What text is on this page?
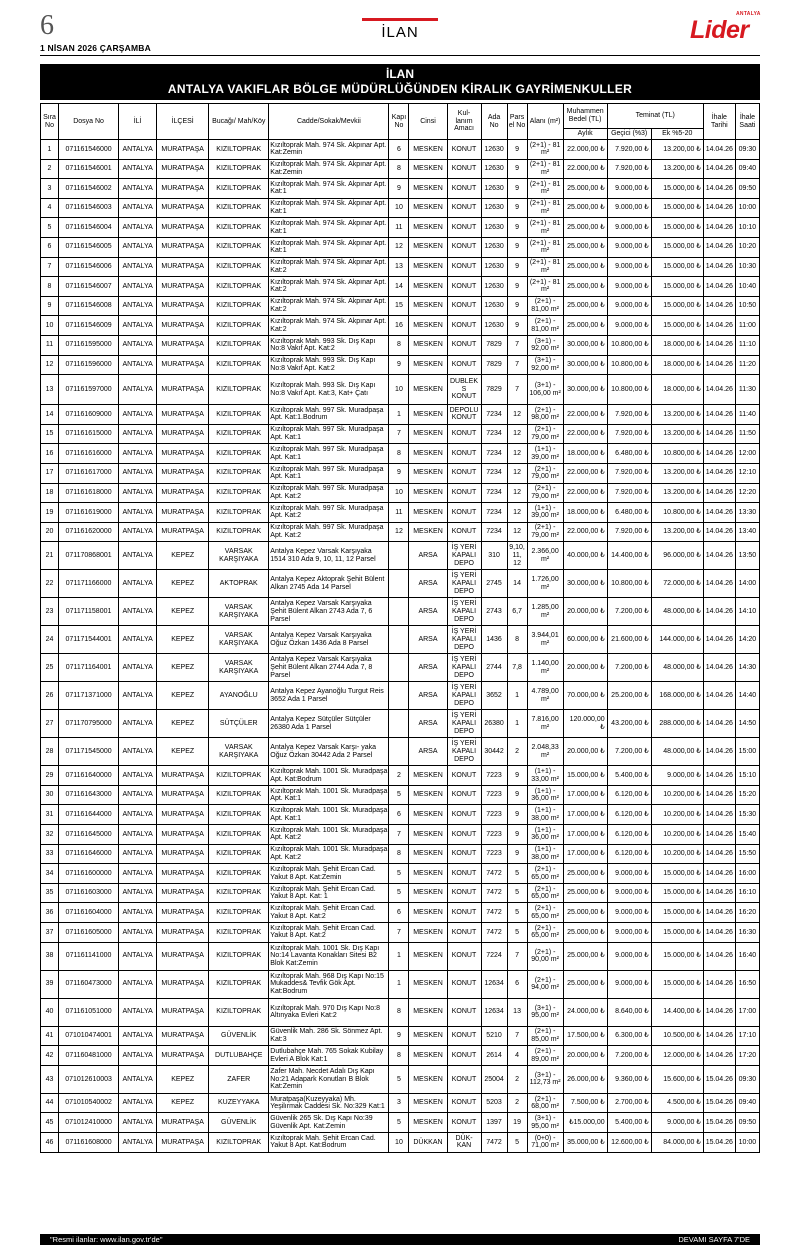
6
1 NİSAN 2026 ÇARŞAMBA
İLAN
ANTALYA
Lider
İLAN
ANTALYA VAKIFLAR BÖLGE MÜDÜRLÜĞÜNDEN KİRALIK GAYRİMENKULLER
Sıra No	Dosya No	İLİ	İLÇESİ	Bucağı/ Mah/Köy	Cadde/Sokak/Mevkii	Kapı No	Cinsi	Kul- lanım Amacı	Ada No	Parsel No	Alanı (m²)	Muhammen Bedel (TL)	Teminat (TL)		İhale Tarihi	İhale Saati
												Aylık	Geçici (%3)	Ek %5-20		
1	071161546000	ANTALYA	MURATPAŞA	KIZILTOPRAK	Kızıltoprak Mah. 974 Sk. Akpınar Apt. Kat:Zemin	6	MESKEN	KONUT	12630	9	(2+1) - 81 m²	22.000,00 ₺	7.920,00 ₺	13.200,00 ₺	14.04.26	09:30
2	071161546001	ANTALYA	MURATPAŞA	KIZILTOPRAK	Kızıltoprak Mah. 974 Sk. Akpınar Apt. Kat:Zemin	8	MESKEN	KONUT	12630	9	(2+1) - 81 m²	22.000,00 ₺	7.920,00 ₺	13.200,00 ₺	14.04.26	09:40
3	071161546002	ANTALYA	MURATPAŞA	KIZILTOPRAK	Kızıltoprak Mah. 974 Sk. Akpınar Apt. Kat:1	9	MESKEN	KONUT	12630	9	(2+1) - 81 m²	25.000,00 ₺	9.000,00 ₺	15.000,00 ₺	14.04.26	09:50
4	071161546003	ANTALYA	MURATPAŞA	KIZILTOPRAK	Kızıltoprak Mah. 974 Sk. Akpınar Apt. Kat:1	10	MESKEN	KONUT	12630	9	(2+1) - 81 m²	25.000,00 ₺	9.000,00 ₺	15.000,00 ₺	14.04.26	10:00
5	071161546004	ANTALYA	MURATPAŞA	KIZILTOPRAK	Kızıltoprak Mah. 974 Sk. Akpınar Apt. Kat:1	11	MESKEN	KONUT	12630	9	(2+1) - 81 m²	25.000,00 ₺	9.000,00 ₺	15.000,00 ₺	14.04.26	10:10
6	071161546005	ANTALYA	MURATPAŞA	KIZILTOPRAK	Kızıltoprak Mah. 974 Sk. Akpınar Apt. Kat:1	12	MESKEN	KONUT	12630	9	(2+1) - 81 m²	25.000,00 ₺	9.000,00 ₺	15.000,00 ₺	14.04.26	10:20
7	071161546006	ANTALYA	MURATPAŞA	KIZILTOPRAK	Kızıltoprak Mah. 974 Sk. Akpınar Apt. Kat:2	13	MESKEN	KONUT	12630	9	(2+1) - 81 m²	25.000,00 ₺	9.000,00 ₺	15.000,00 ₺	14.04.26	10:30
8	071161546007	ANTALYA	MURATPAŞA	KIZILTOPRAK	Kızıltoprak Mah. 974 Sk. Akpınar Apt. Kat:2	14	MESKEN	KONUT	12630	9	(2+1) - 81 m²	25.000,00 ₺	9.000,00 ₺	15.000,00 ₺	14.04.26	10:40
9	071161546008	ANTALYA	MURATPAŞA	KIZILTOPRAK	Kızıltoprak Mah. 974 Sk. Akpınar Apt. Kat:2	15	MESKEN	KONUT	12630	9	(2+1) - 81,00 m²	25.000,00 ₺	9.000,00 ₺	15.000,00 ₺	14.04.26	10:50
10	071161546009	ANTALYA	MURATPAŞA	KIZILTOPRAK	Kızıltoprak Mah. 974 Sk. Akpınar Apt. Kat:2	16	MESKEN	KONUT	12630	9	(2+1) - 81,00 m²	25.000,00 ₺	9.000,00 ₺	15.000,00 ₺	14.04.26	11:00
11	071161595000	ANTALYA	MURATPAŞA	KIZILTOPRAK	Kızıltoprak Mah. 993 Sk. Dış Kapı No:8 Vakıf Apt. Kat:2	8	MESKEN	KONUT	7829	7	(3+1) - 92,00 m²	30.000,00 ₺	10.800,00 ₺	18.000,00 ₺	14.04.26	11:10
12	071161596000	ANTALYA	MURATPAŞA	KIZILTOPRAK	Kızıltoprak Mah. 993 Sk. Dış Kapı No:8 Vakıf Apt. Kat:2	9	MESKEN	KONUT	7829	7	(3+1) - 92,00 m²	30.000,00 ₺	10.800,00 ₺	18.000,00 ₺	14.04.26	11:20
13	071161597000	ANTALYA	MURATPAŞA	KIZILTOPRAK	Kızıltoprak Mah. 993 Sk. Dış Kapı No:8 Vakıf Apt. Kat:3, Kat+ Çatı	10	MESKEN	DUBLEKS KONUT	7829	7	(3+1) - 106,00 m²	30.000,00 ₺	10.800,00 ₺	18.000,00 ₺	14.04.26	11:30
14	071161609000	ANTALYA	MURATPAŞA	KIZILTOPRAK	Kızıltoprak Mah. 997 Sk. Muradpaşa Apt. Kat:1.Bodrum	1	MESKEN	DEPOLU KONUT	7234	12	(2+1) - 98,00 m²	22.000,00 ₺	7.920,00 ₺	13.200,00 ₺	14.04.26	11:40
15	071161615000	ANTALYA	MURATPAŞA	KIZILTOPRAK	Kızıltoprak Mah. 997 Sk. Muradpaşa Apt. Kat:1	7	MESKEN	KONUT	7234	12	(2+1) - 79,00 m²	22.000,00 ₺	7.920,00 ₺	13.200,00 ₺	14.04.26	11:50
16	071161616000	ANTALYA	MURATPAŞA	KIZILTOPRAK	Kızıltoprak Mah. 997 Sk. Muradpaşa Apt. Kat:1	8	MESKEN	KONUT	7234	12	(1+1) - 39,00 m²	18.000,00 ₺	6.480,00 ₺	10.800,00 ₺	14.04.26	12:00
17	071161617000	ANTALYA	MURATPAŞA	KIZILTOPRAK	Kızıltoprak Mah. 997 Sk. Muradpaşa Apt. Kat:1	9	MESKEN	KONUT	7234	12	(2+1) - 79,00 m²	22.000,00 ₺	7.920,00 ₺	13.200,00 ₺	14.04.26	12:10
18	071161618000	ANTALYA	MURATPAŞA	KIZILTOPRAK	Kızıltoprak Mah. 997 Sk. Muradpaşa Apt. Kat:2	10	MESKEN	KONUT	7234	12	(2+1) - 79,00 m²	22.000,00 ₺	7.920,00 ₺	13.200,00 ₺	14.04.26	12:20
19	071161619000	ANTALYA	MURATPAŞA	KIZILTOPRAK	Kızıltoprak Mah. 997 Sk. Muradpaşa Apt. Kat:2	11	MESKEN	KONUT	7234	12	(1+1) - 39,00 m²	18.000,00 ₺	6.480,00 ₺	10.800,00 ₺	14.04.26	13:30
20	071161620000	ANTALYA	MURATPAŞA	KIZILTOPRAK	Kızıltoprak Mah. 997 Sk. Muradpaşa Apt. Kat:2	12	MESKEN	KONUT	7234	12	(2+1) - 79,00 m²	22.000,00 ₺	7.920,00 ₺	13.200,00 ₺	14.04.26	13:40
21	071170868001	ANTALYA	KEPEZ	VARSAK KARŞIYAKA	Antalya Kepez Varsak Karşıyaka 1514 310 Ada 9, 10, 11, 12 Parsel		ARSA	İŞ YERİ KAPALI DEPO	310	9,10, 11, 12	2.366,00 m²	40.000,00 ₺	14.400,00 ₺	96.000,00 ₺	14.04.26	13:50
22	071171166000	ANTALYA	KEPEZ	AKTOPRAK	Antalya Kepez Aktoprak Şehit Bülent Alkan 2745 Ada 14 Parsel		ARSA	İŞ YERİ KAPALI DEPO	2745	14	1.726,00 m²	30.000,00 ₺	10.800,00 ₺	72.000,00 ₺	14.04.26	14:00
23	071171158001	ANTALYA	KEPEZ	VARSAK KARŞIYAKA	Antalya Kepez Varsak Karşıyaka Şehit Bülent Alkan 2743 Ada 7, 6 Parsel		ARSA	İŞ YERİ KAPALI DEPO	2743	6,7	1.285,00 m²	20.000,00 ₺	7.200,00 ₺	48.000,00 ₺	14.04.26	14:10
24	071171544001	ANTALYA	KEPEZ	VARSAK KARŞIYAKA	Antalya Kepez Varsak Karşıyaka Oğuz Özkan 1436 Ada 8 Parsel		ARSA	İŞ YERİ KAPALI DEPO	1436	8	3.944,01 m²	60.000,00 ₺	21.600,00 ₺	144.000,00 ₺	14.04.26	14:20
25	071171164001	ANTALYA	KEPEZ	VARSAK KARŞIYAKA	Antalya Kepez Varsak Karşıyaka Şehit Bülent Alkan 2744 Ada 7, 8 Parsel		ARSA	İŞ YERİ KAPALI DEPO	2744	7,8	1.140,00 m²	20.000,00 ₺	7.200,00 ₺	48.000,00 ₺	14.04.26	14:30
26	071171371000	ANTALYA	KEPEZ	AYANOĞLU	Antalya Kepez Ayanoğlu Turgut Reis 3652 Ada 1 Parsel		ARSA	İŞ YERİ KAPALI DEPO	3652	1	4.789,00 m²	70.000,00 ₺	25.200,00 ₺	168.000,00 ₺	14.04.26	14:40
27	071170795000	ANTALYA	KEPEZ	SÜTÇÜLER	Antalya Kepez Sütçüler Sütçüler 26380 Ada 1 Parsel		ARSA	İŞ YERİ KAPALI DEPO	26380	1	7.816,00 m²	120.000,00 ₺	43.200,00 ₺	288.000,00 ₺	14.04.26	14:50
28	071171545000	ANTALYA	KEPEZ	VARSAK KARŞIYAKA	Antalya Kepez Varsak Karşı- yaka Oğuz Özkan 30442 Ada 2 Parsel		ARSA	İŞ YERİ KAPALI DEPO	30442	2	2.048,33 m²	20.000,00 ₺	7.200,00 ₺	48.000,00 ₺	14.04.26	15:00
29	071161640000	ANTALYA	MURATPAŞA	KIZILTOPRAK	Kızıltoprak Mah. 1001 Sk. Muradpaşa Apt. Kat:Bodrum	2	MESKEN	KONUT	7223	9	(1+1) - 33,00 m²	15.000,00 ₺	5.400,00 ₺	9.000,00 ₺	14.04.26	15:10
30	071161643000	ANTALYA	MURATPAŞA	KIZILTOPRAK	Kızıltoprak Mah. 1001 Sk. Muradpaşa Apt. Kat:1	5	MESKEN	KONUT	7223	9	(1+1) - 36,00 m²	17.000,00 ₺	6.120,00 ₺	10.200,00 ₺	14.04.26	15:20
31	071161644000	ANTALYA	MURATPAŞA	KIZILTOPRAK	Kızıltoprak Mah. 1001 Sk. Muradpaşa Apt. Kat:1	6	MESKEN	KONUT	7223	9	(1+1) - 38,00 m²	17.000,00 ₺	6.120,00 ₺	10.200,00 ₺	14.04.26	15:30
32	071161645000	ANTALYA	MURATPAŞA	KIZILTOPRAK	Kızıltoprak Mah. 1001 Sk. Muradpaşa Apt. Kat:2	7	MESKEN	KONUT	7223	9	(1+1) - 36,00 m²	17.000,00 ₺	6.120,00 ₺	10.200,00 ₺	14.04.26	15:40
33	071161646000	ANTALYA	MURATPAŞA	KIZILTOPRAK	Kızıltoprak Mah. 1001 Sk. Muradpaşa Apt. Kat:2	8	MESKEN	KONUT	7223	9	(1+1) - 38,00 m²	17.000,00 ₺	6.120,00 ₺	10.200,00 ₺	14.04.26	15:50
34	071161600000	ANTALYA	MURATPAŞA	KIZILTOPRAK	Kızıltoprak Mah. Şehit Ercan Cad. Yakut 8 Apt. Kat:Zemin	5	MESKEN	KONUT	7472	5	(2+1) - 65,00 m²	25.000,00 ₺	9.000,00 ₺	15.000,00 ₺	14.04.26	16:00
35	071161603000	ANTALYA	MURATPAŞA	KIZILTOPRAK	Kızıltoprak Mah. Şehit Ercan Cad. Yakut 8 Apt. Kat: 1	5	MESKEN	KONUT	7472	5	(2+1) - 65,00 m²	25.000,00 ₺	9.000,00 ₺	15.000,00 ₺	14.04.26	16:10
36	071161604000	ANTALYA	MURATPAŞA	KIZILTOPRAK	Kızıltoprak Mah. Şehit Ercan Cad. Yakut 8 Apt. Kat:2	6	MESKEN	KONUT	7472	5	(2+1) - 65,00 m²	25.000,00 ₺	9.000,00 ₺	15.000,00 ₺	14.04.26	16:20
37	071161605000	ANTALYA	MURATPAŞA	KIZILTOPRAK	Kızıltoprak Mah. Şehit Ercan Cad. Yakut 8 Apt. Kat:2	7	MESKEN	KONUT	7472	5	(2+1) - 65,00 m²	25.000,00 ₺	9.000,00 ₺	15.000,00 ₺	14.04.26	16:30
38	071161141000	ANTALYA	MURATPAŞA	KIZILTOPRAK	Kızıltoprak Mah. 1001 Sk. Dış Kapı No:14 Lavanta Konakları Sitesi B2 Blok Kat:Zemin	1	MESKEN	KONUT	7224	7	(2+1) - 90,00 m²	25.000,00 ₺	9.000,00 ₺	15.000,00 ₺	14.04.26	16:40
39	071160473000	ANTALYA	MURATPAŞA	KIZILTOPRAK	Kızıltoprak Mah. 968 Dış Kapı No:15 Mukaddes& Tevfik Gök Apt. Kat:Bodrum	1	MESKEN	KONUT	12634	6	(2+1) - 94,00 m²	25.000,00 ₺	9.000,00 ₺	15.000,00 ₺	14.04.26	16:50
40	071161051000	ANTALYA	MURATPAŞA	KIZILTOPRAK	Kızıltoprak Mah. 970 Dış Kapı No:8 Altınyaka Evleri Kat:2	8	MESKEN	KONUT	12634	13	(3+1) - 95,00 m²	24.000,00 ₺	8.640,00 ₺	14.400,00 ₺	14.04.26	17:00
41	071010474001	ANTALYA	MURATPAŞA	GÜVENLİK	Güvenlik Mah. 286 Sk. Sönmez Apt. Kat:3	9	MESKEN	KONUT	5210	7	(2+1) - 85,00 m²	17.500,00 ₺	6.300,00 ₺	10.500,00 ₺	14.04.26	17:10
42	071160481000	ANTALYA	MURATPAŞA	DUTLUBAHÇE	Dutlubahçe Mah. 765 Sokak Kubilay Evleri A Blok Kat:1	8	MESKEN	KONUT	2614	4	(2+1) - 89,00 m²	20.000,00 ₺	7.200,00 ₺	12.000,00 ₺	14.04.26	17:20
43	071012610003	ANTALYA	KEPEZ	ZAFER	Zafer Mah. Necdet Adalı Dış Kapı No:21 Adapark Konutları B Blok Kat:Zemin	5	MESKEN	KONUT	25004	2	(3+1) - 112,73 m²	26.000,00 ₺	9.360,00 ₺	15.600,00 ₺	15.04.26	09:30
44	071010540002	ANTALYA	KEPEZ	KUZEYYAKA	Muratpaşa(Kuzeyyaka) Mh. Yeşilırmak Caddesi Sk. No:329 Kat:1	3	MESKEN	KONUT	5203	2	(2+1) - 68,00 m²	7.500,00 ₺	2.700,00 ₺	4.500,00 ₺	15.04.26	09:40
45	071012410000	ANTALYA	MURATPAŞA	GÜVENLİK	Güvenlik 265 Sk. Dış Kapı No:39 Güvenlik Apt. Kat:Zemin	5	MESKEN	KONUT	1397	19	(3+1) - 95,00 m²	₺15.000,00	5.400,00 ₺	9.000,00 ₺	15.04.26	09:50
46	071161608000	ANTALYA	MURATPAŞA	KIZILTOPRAK	Kızıltoprak Mah. Şehit Ercan Cad. Yakut 8 Apt. Kat:Bodrum	10	DÜKKAN	DÜK- KAN	7472	5	(0+0) - 71,00 m²	35.000,00 ₺	12.600,00 ₺	84.000,00 ₺	15.04.26	10:00
"Resmi ilanlar: www.ilan.gov.tr'de"	DEVAMI SAYFA 7'DE
